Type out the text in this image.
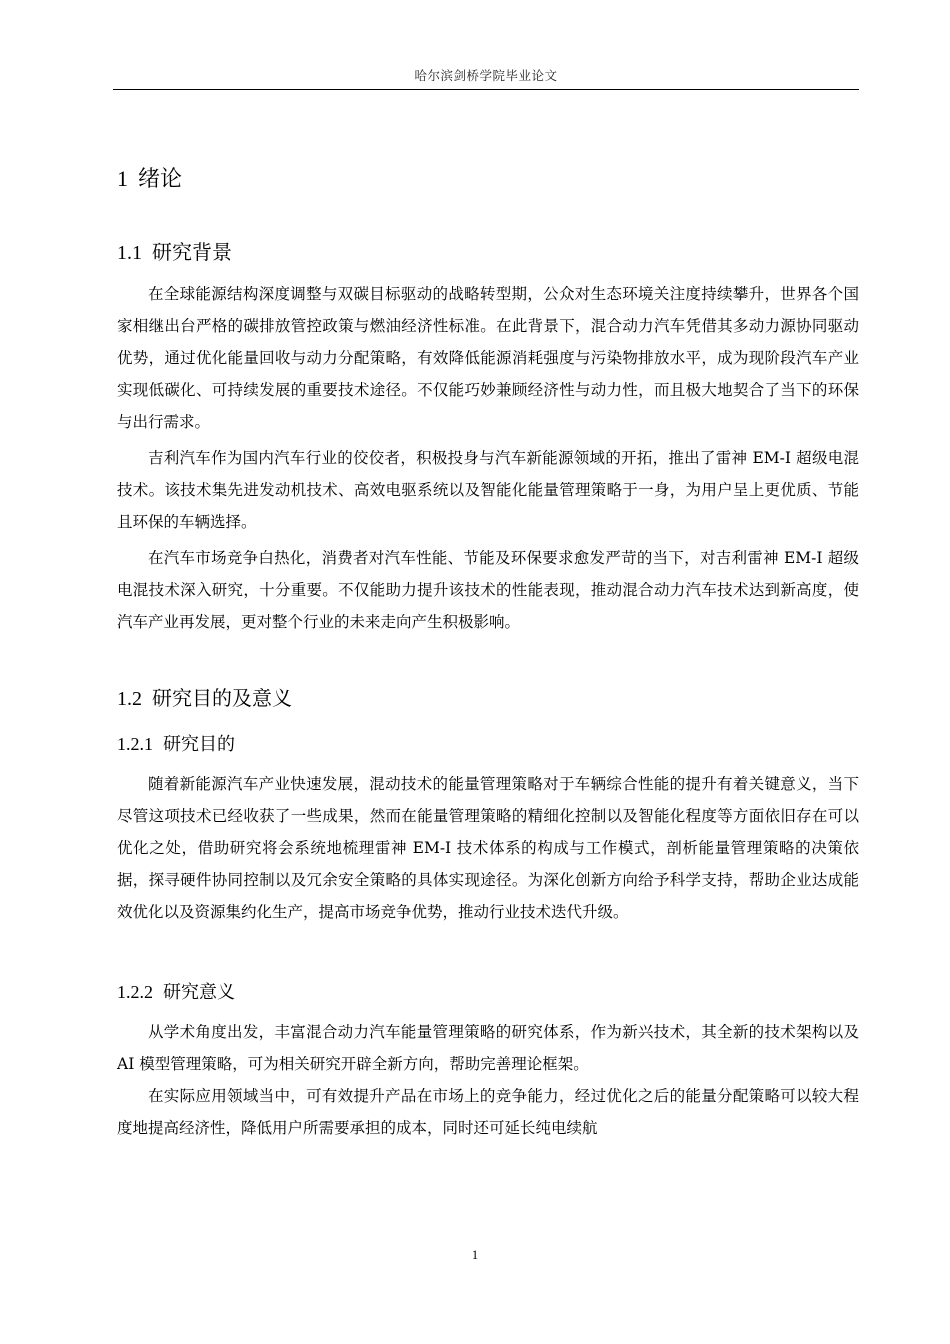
哈尔滨剑桥学院毕业论文
1 绪论
1.1 研究背景

在全球能源结构深度调整与双碳目标驱动的战略转型期，公众对生态环境关注度持续攀升，世界各个国家相继出台严格的碳排放管控政策与燃油经济性标准。在此背景下，混合动力汽车凭借其多动力源协同驱动优势，通过优化能量回收与动力分配策略，有效降低能源消耗强度与污染物排放水平，成为现阶段汽车产业实现低碳化、可持续发展的重要技术途径。不仅能巧妙兼顾经济性与动力性，而且极大地契合了当下的环保与出行需求。

吉利汽车作为国内汽车行业的佼佼者，积极投身与汽车新能源领域的开拓，推出了雷神 EM-I 超级电混技术。该技术集先进发动机技术、高效电驱系统以及智能化能量管理策略于一身，为用户呈上更优质、节能且环保的车辆选择。

在汽车市场竞争白热化，消费者对汽车性能、节能及环保要求愈发严苛的当下，对吉利雷神 EM-I 超级电混技术深入研究，十分重要。不仅能助力提升该技术的性能表现，推动混合动力汽车技术达到新高度，使汽车产业再发展，更对整个行业的未来走向产生积极影响。

1.2 研究目的及意义
1.2.1 研究目的

随着新能源汽车产业快速发展，混动技术的能量管理策略对于车辆综合性能的提升有着关键意义，当下尽管这项技术已经收获了一些成果，然而在能量管理策略的精细化控制以及智能化程度等方面依旧存在可以优化之处，借助研究将会系统地梳理雷神 EM-I 技术体系的构成与工作模式，剖析能量管理策略的决策依据，探寻硬件协同控制以及冗余安全策略的具体实现途径。为深化创新方向给予科学支持，帮助企业达成能效优化以及资源集约化生产，提高市场竞争优势，推动行业技术迭代升级。

1.2.2 研究意义

从学术角度出发，丰富混合动力汽车能量管理策略的研究体系，作为新兴技术，其全新的技术架构以及 AI 模型管理策略，可为相关研究开辟全新方向，帮助完善理论框架。

在实际应用领域当中，可有效提升产品在市场上的竞争能力，经过优化之后的能量分配策略可以较大程度地提高经济性，降低用户所需要承担的成本，同时还可延长纯电续航

1
